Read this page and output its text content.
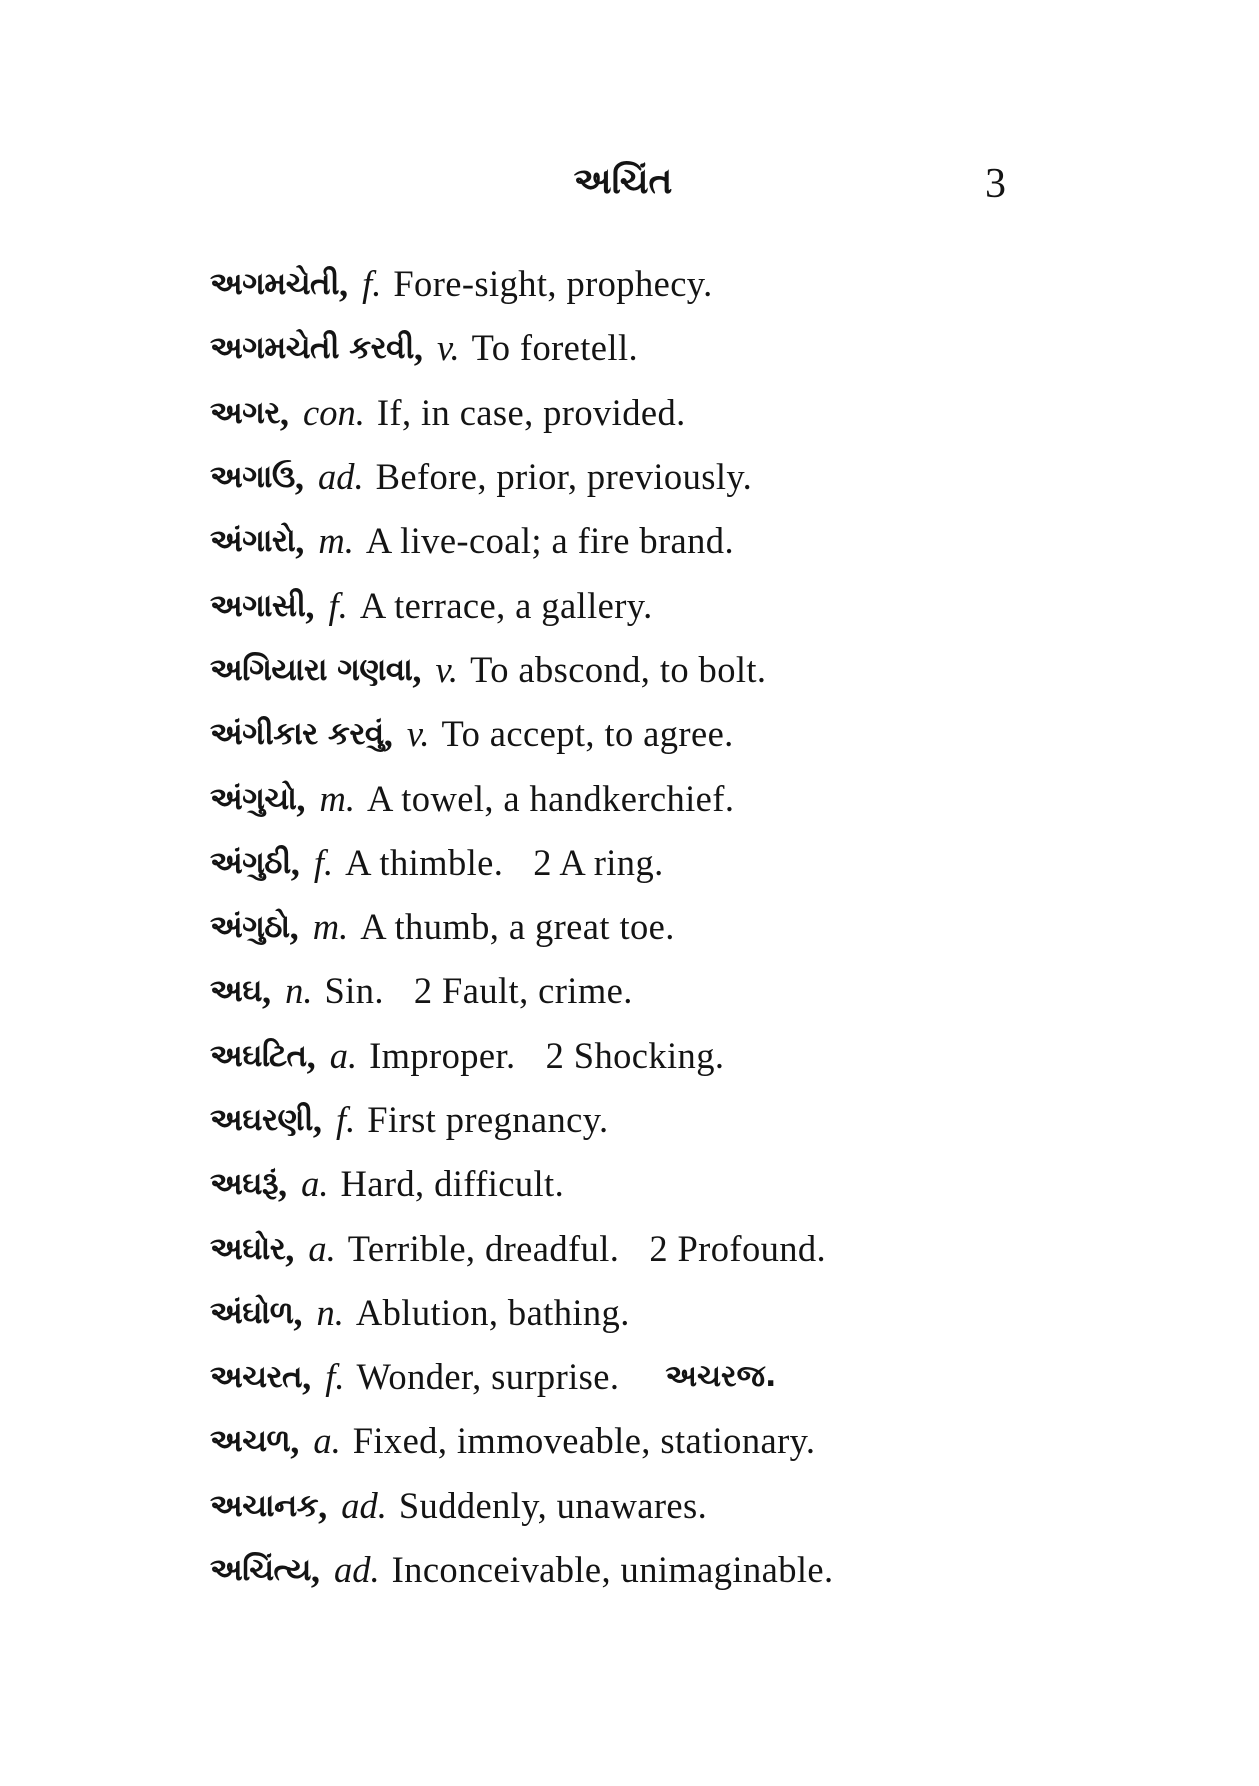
અચિંત	3
અગમચેતી , f. Fore-sight, prophecy.
અગમચેતી કરવી , v. To foretell.
અગર , con. If, in case, provided.
અગાઉ , ad. Before, prior, previously.
અંગારો , m. A live-coal; a fire brand.
અગાસી , f. A terrace, a gallery.
અગિયારા ગણવા , v. To abscond, to bolt.
અંગીકાર કરવું , v. To accept, to agree.
અંગુચો , m. A towel, a handkerchief.
અંગુઠી , f. A thimble. 2 A ring.
અંગુઠો , m. A thumb, a great toe.
અઘ , n. Sin. 2 Fault, crime.
અઘટિત , a. Improper. 2 Shocking.
અઘરણી , f. First pregnancy.
અઘરૂં , a. Hard, difficult.
અઘોર , a. Terrible, dreadful. 2 Profound.
અંઘોળ , n. Ablution, bathing.
અચરત , f. Wonder, surprise. અચરજ.
અચળ , a. Fixed, immoveable, stationary.
અચાનક , ad. Suddenly, unawares.
અચિંત્ય , ad. Inconceivable, unimaginable.
